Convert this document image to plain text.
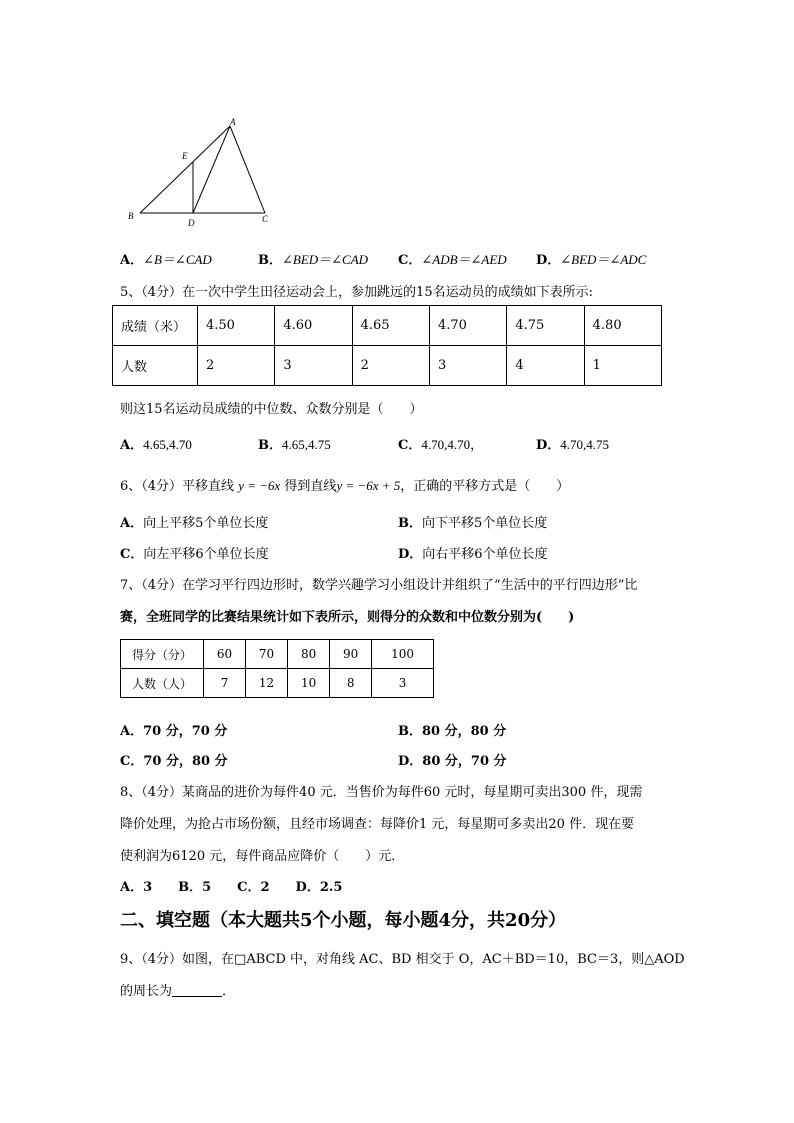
A
E
B
D	C
A．∠B＝∠CAD	B．∠BED＝∠CAD C．∠ADB＝∠AED D．∠BED＝∠ADC
5、（4分）在一次中学生田径运动会上，参加跳远的15名运动员的成绩如下表所示:
成绩（米）	4.50	4.60	4.65	4.70	4.75	4.80
人数	2	3	2	3	4	1
则这15名运动员成绩的中位数、众数分别是（　　）
A．4.65,4.70	B．4.65,4.75	C．4.70,4.70，	D．4.70,4.75
6、（4分）平移直线 y = −6x 得到直线y = −6x + 5，正确的平移方式是（　　）
A．向上平移5个单位长度	B．向下平移5个单位长度
C．向左平移6个单位长度	D．向右平移6个单位长度
7、（4分）在学习平行四边形时，数学兴趣学习小组设计并组织了“生活中的平行四边形”比
赛，全班同学的比赛结果统计如下表所示，则得分的众数和中位数分别为(　　)
得分（分）	60	70	80	90	100
人数（人）	7	12	10	8	3
A．70 分，70 分	B．80 分，80 分
C．70 分，80 分	D．80 分，70 分
8、（4分）某商品的进价为每件40 元．当售价为每件60 元时，每星期可卖出300 件，现需
降价处理，为抢占市场份额，且经市场调查：每降价1 元，每星期可多卖出20 件．现在要
使利润为6120 元，每件商品应降价（　　）元．
A．3　　B．5　　C．2　　D．2.5
二、填空题（本大题共5个小题，每小题4分，共20分）
9、（4分）如图，在□ABCD 中，对角线 AC、BD 相交于 O，AC＋BD＝10，BC＝3，则△AOD
的周长为	．
